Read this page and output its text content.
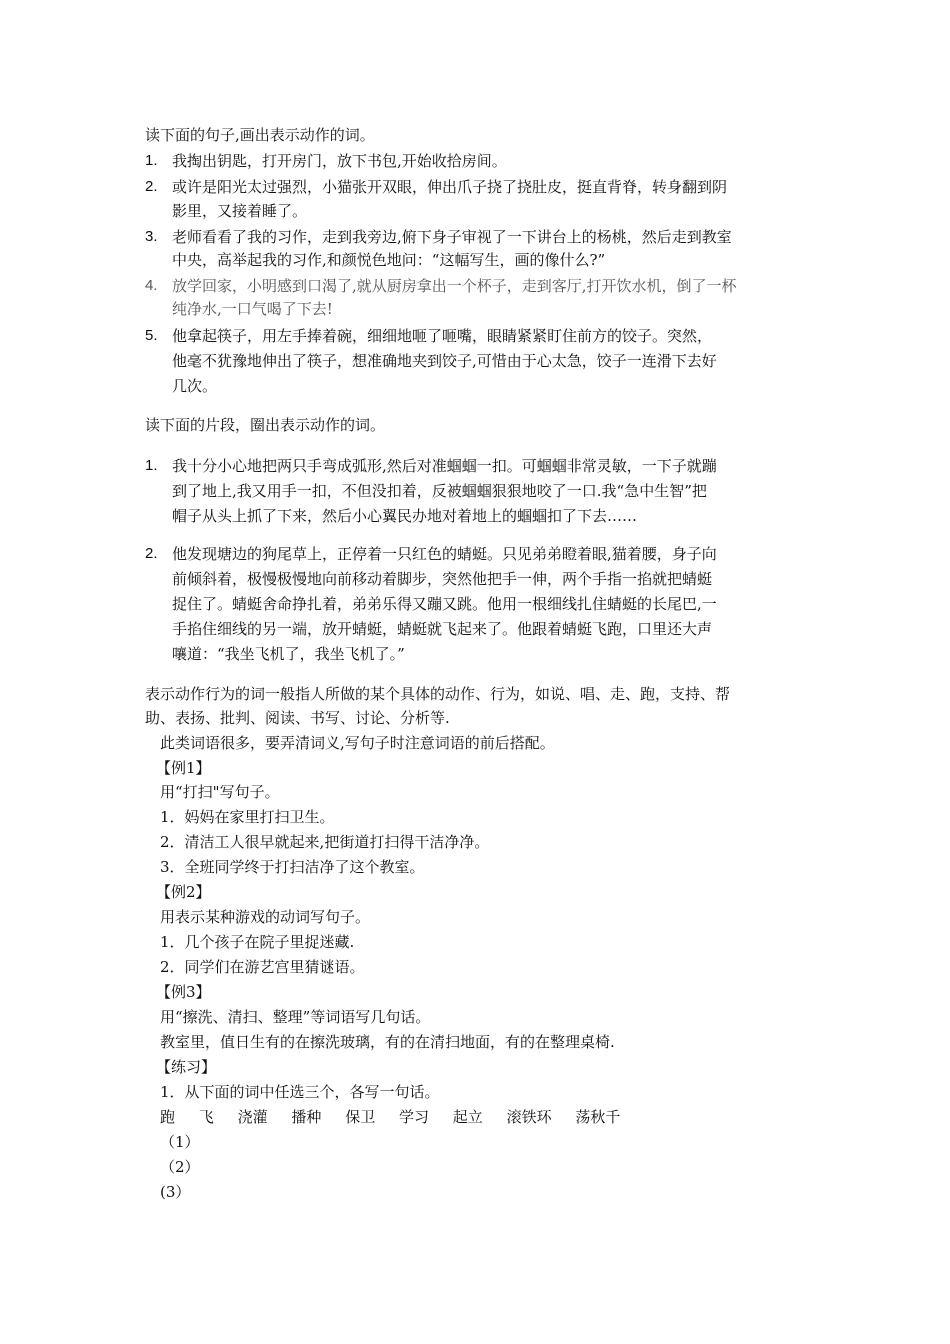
读下面的句子,画出表示动作的词。
1. 我掏出钥匙，打开房门，放下书包,开始收拾房间。
2. 或许是阳光太过强烈，小猫张开双眼，伸出爪子挠了挠肚皮，挺直背脊，转身翻到阴
影里，又接着睡了。
3. 老师看看了我的习作，走到我旁边,俯下身子审视了一下讲台上的杨桃，然后走到教室
中央，高举起我的习作,和颜悦色地问：“这幅写生，画的像什么?”
4. 放学回家，小明感到口渴了,就从厨房拿出一个杯子，走到客厅,打开饮水机，倒了一杯
纯净水,一口气喝了下去!
5. 他拿起筷子，用左手捧着碗，细细地咂了咂嘴，眼睛紧紧盯住前方的饺子。突然，
他毫不犹豫地伸出了筷子，想准确地夹到饺子,可惜由于心太急，饺子一连滑下去好
几次。
读下面的片段，圈出表示动作的词。
1. 我十分小心地把两只手弯成弧形,然后对准蝈蝈一扣。可蝈蝈非常灵敏，一下子就蹦
到了地上,我又用手一扣，不但没扣着，反被蝈蝈狠狠地咬了一口.我“急中生智”把
帽子从头上抓了下来，然后小心翼民办地对着地上的蝈蝈扣了下去……
2. 他发现塘边的狗尾草上，正停着一只红色的蜻蜓。只见弟弟瞪着眼,猫着腰，身子向
前倾斜着，极慢极慢地向前移动着脚步，突然他把手一伸，两个手指一掐就把蜻蜓
捉住了。蜻蜓舍命挣扎着，弟弟乐得又蹦又跳。他用一根细线扎住蜻蜓的长尾巴,一
手掐住细线的另一端，放开蜻蜓，蜻蜓就飞起来了。他跟着蜻蜓飞跑，口里还大声
嚷道：“我坐飞机了，我坐飞机了。”
表示动作行为的词一般指人所做的某个具体的动作、行为，如说、唱、走、跑，支持、帮
助、表扬、批判、阅读、书写、讨论、分析等.
此类词语很多，要弄清词义,写句子时注意词语的前后搭配。
【例1】
用“打扫"写句子。
1．妈妈在家里打扫卫生。
2．清洁工人很早就起来,把街道打扫得干洁净净。
3．全班同学终于打扫洁净了这个教室。
【例2】
用表示某种游戏的动词写句子。
1．几个孩子在院子里捉迷藏.
2．同学们在游艺宫里猜谜语。
【例3】
用“擦洗、清扫、整理”等词语写几句话。
教室里，值日生有的在擦洗玻璃，有的在清扫地面，有的在整理桌椅.
【练习】
1．从下面的词中任选三个，各写一句话。
跑 飞 浇灌 播种 保卫 学习 起立 滚铁环 荡秋千
（1）
（2）
(3）
